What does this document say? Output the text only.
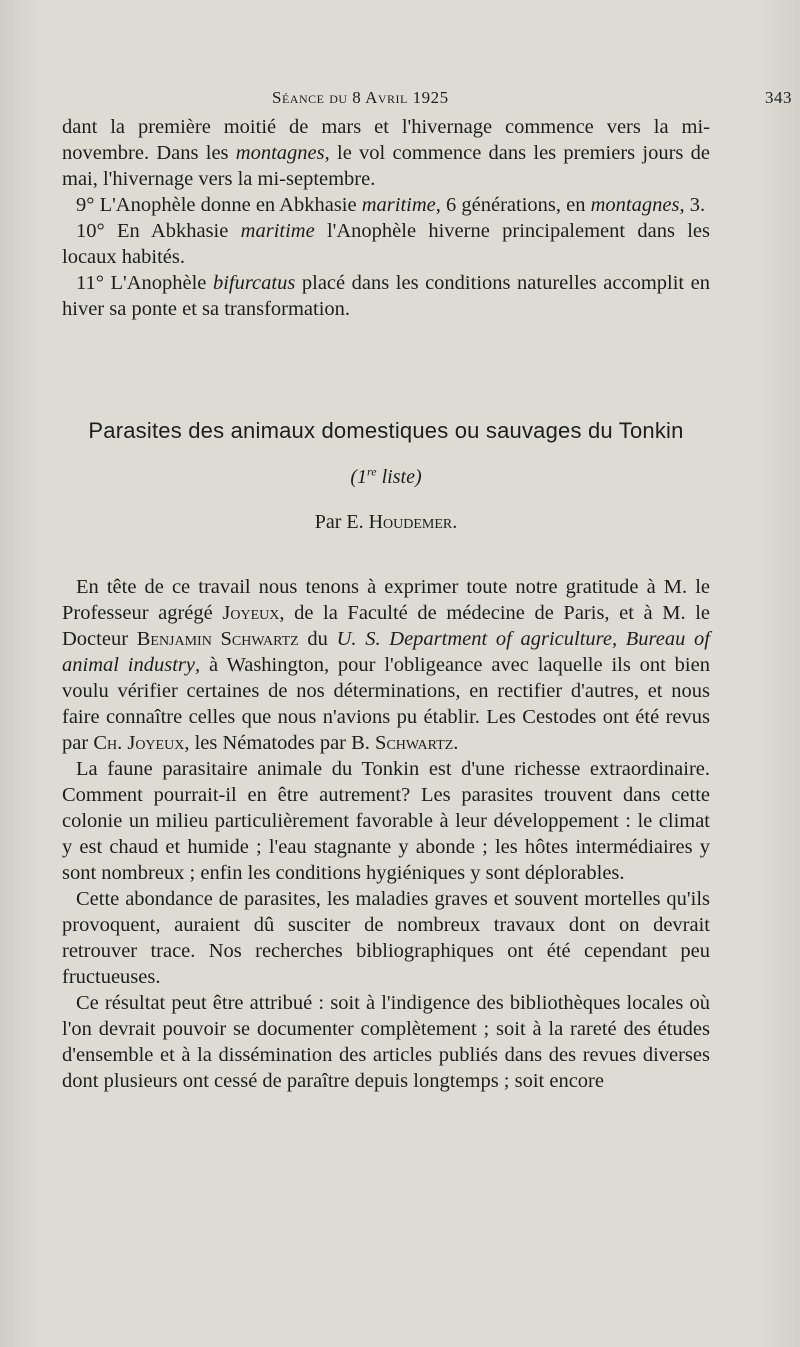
Séance du 8 Avril 1925	343

dant la première moitié de mars et l'hivernage commence vers la mi-novembre. Dans les montagnes, le vol commence dans les premiers jours de mai, l'hivernage vers la mi-septembre.

9° L'Anophèle donne en Abkhasie maritime, 6 générations, en montagnes, 3.

10° En Abkhasie maritime l'Anophèle hiverne principalement dans les locaux habités.

11° L'Anophèle bifurcatus placé dans les conditions naturelles accomplit en hiver sa ponte et sa transformation.

Parasites des animaux domestiques ou sauvages du Tonkin
(1re liste)
Par E. Houdemer.

En tête de ce travail nous tenons à exprimer toute notre gratitude à M. le Professeur agrégé Joyeux, de la Faculté de médecine de Paris, et à M. le Docteur Benjamin Schwartz du U. S. Department of agriculture, Bureau of animal industry, à Washington, pour l'obligeance avec laquelle ils ont bien voulu vérifier certaines de nos déterminations, en rectifier d'autres, et nous faire connaître celles que nous n'avions pu établir. Les Cestodes ont été revus par Ch. Joyeux, les Nématodes par B. Schwartz.

La faune parasitaire animale du Tonkin est d'une richesse extraordinaire. Comment pourrait-il en être autrement? Les parasites trouvent dans cette colonie un milieu particulièrement favorable à leur développement : le climat y est chaud et humide ; l'eau stagnante y abonde ; les hôtes intermédiaires y sont nombreux ; enfin les conditions hygiéniques y sont déplorables.

Cette abondance de parasites, les maladies graves et souvent mortelles qu'ils provoquent, auraient dû susciter de nombreux travaux dont on devrait retrouver trace. Nos recherches bibliographiques ont été cependant peu fructueuses.

Ce résultat peut être attribué : soit à l'indigence des bibliothèques locales où l'on devrait pouvoir se documenter complètement ; soit à la rareté des études d'ensemble et à la dissémination des articles publiés dans des revues diverses dont plusieurs ont cessé de paraître depuis longtemps ; soit encore
